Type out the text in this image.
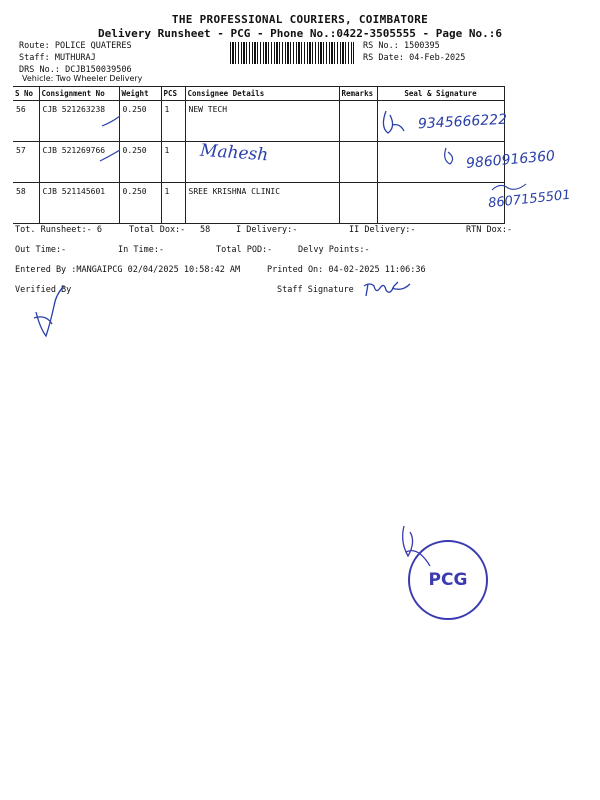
THE PROFESSIONAL COURIERS, COIMBATORE
Delivery Runsheet - PCG - Phone No.:0422-3505555 - Page No.:6
Route: POLICE QUATERES
Staff: MUTHURAJ
DRS No.: DCJB150039506
Vehicle: Two Wheeler Delivery
RS No.: 1500395
RS Date: 04-Feb-2025
S No	Consignment No	Weight	PCS	Consignee Details	Remarks	Seal & Signature
56	CJB 521263238	0.250	1	NEW TECH		
57	CJB 521269766	0.250	1			
58	CJB 521145601	0.250	1	SREE KRISHNA CLINIC		
Mahesh
9345666222
9860916360
8607155501
Tot. Runsheet:- 6	Total Dox:- 58	I Delivery:-	II Delivery:-	RTN Dox:-
Out Time:-	In Time:-	Total POD:-	Delvy Points:-
Entered By :MANGAIPCG 02/04/2025 10:58:42 AM	Printed On: 04-02-2025 11:06:36
Verified By	Staff Signature
PCG
